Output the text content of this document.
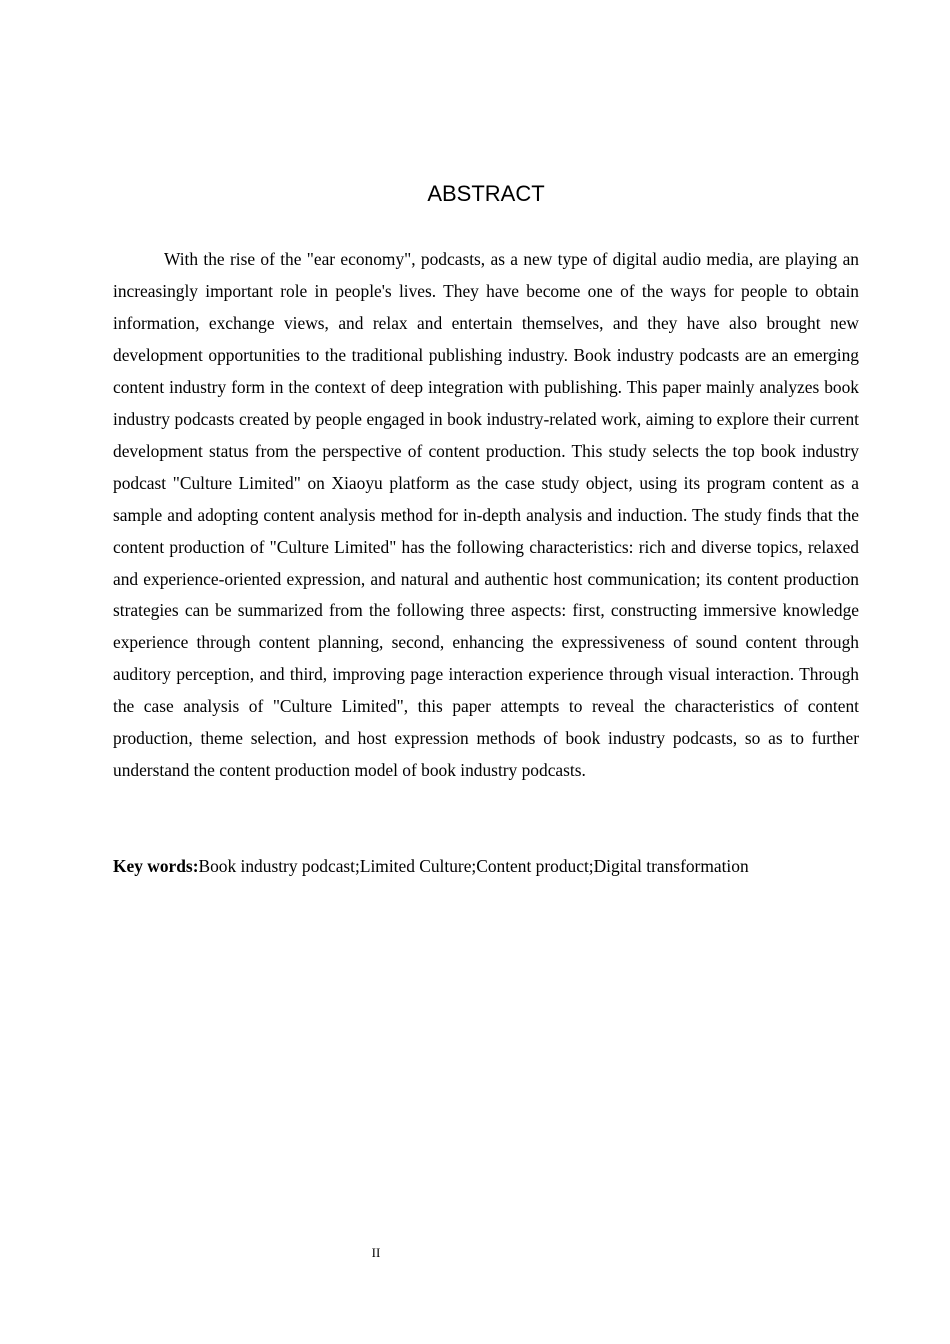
ABSTRACT

With the rise of the "ear economy", podcasts, as a new type of digital audio media, are playing an increasingly important role in people's lives. They have become one of the ways for people to obtain information, exchange views, and relax and entertain themselves, and they have also brought new development opportunities to the traditional publishing industry. Book industry podcasts are an emerging content industry form in the context of deep integration with publishing. This paper mainly analyzes book industry podcasts created by people engaged in book industry-related work, aiming to explore their current development status from the perspective of content production. This study selects the top book industry podcast "Culture Limited" on Xiaoyu platform as the case study object, using its program content as a sample and adopting content analysis method for in-depth analysis and induction. The study finds that the content production of "Culture Limited" has the following characteristics: rich and diverse topics, relaxed and experience-oriented expression, and natural and authentic host communication; its content production strategies can be summarized from the following three aspects: first, constructing immersive knowledge experience through content planning, second, enhancing the expressiveness of sound content through auditory perception, and third, improving page interaction experience through visual interaction. Through the case analysis of "Culture Limited", this paper attempts to reveal the characteristics of content production, theme selection, and host expression methods of book industry podcasts, so as to further understand the content production model of book industry podcasts.

Key words:Book industry podcast;Limited Culture;Content product;Digital transformation

II
